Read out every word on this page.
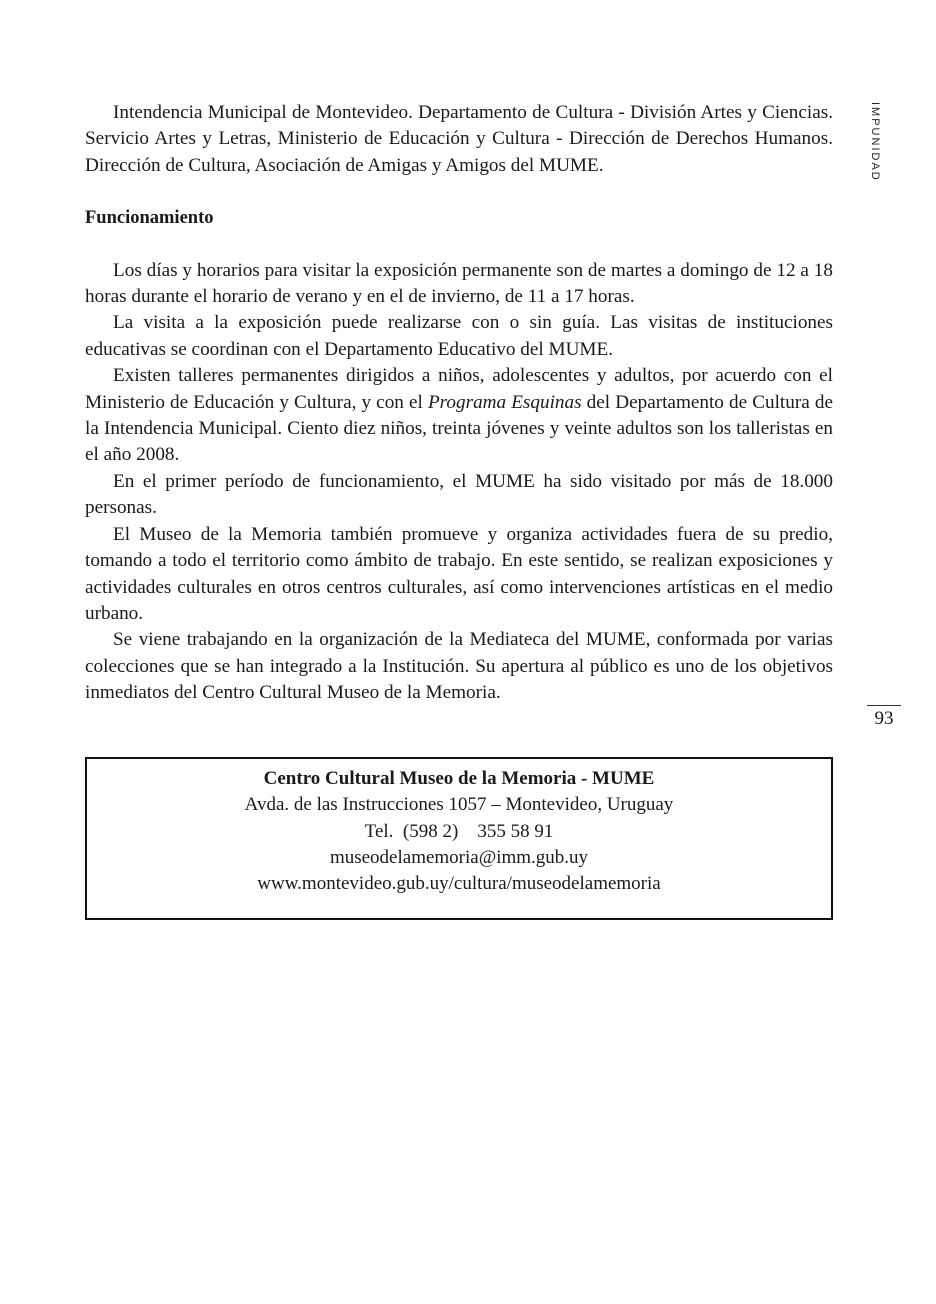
IMPUNIDAD

Intendencia Municipal de Montevideo. Departamento de Cultura - División Artes y Ciencias. Servicio Artes y Letras, Ministerio de Educación y Cultura - Dirección de Derechos Humanos. Dirección de Cultura, Asociación de Amigas y Amigos del MUME.

Funcionamiento

Los días y horarios para visitar la exposición permanente son de martes a domingo de 12 a 18 horas durante el horario de verano y en el de invierno, de 11 a 17 horas.

La visita a la exposición puede realizarse con o sin guía. Las visitas de instituciones educativas se coordinan con el Departamento Educativo del MUME.

Existen talleres permanentes dirigidos a niños, adolescentes y adultos, por acuerdo con el Ministerio de Educación y Cultura, y con el Programa Esquinas del Departamento de Cultura de la Intendencia Municipal. Ciento diez niños, treinta jóvenes y veinte adultos son los talleristas en el año 2008.

En el primer período de funcionamiento, el MUME ha sido visitado por más de 18.000 personas.

El Museo de la Memoria también promueve y organiza actividades fuera de su predio, tomando a todo el territorio como ámbito de trabajo. En este sentido, se realizan exposiciones y actividades culturales en otros centros culturales, así como intervenciones artísticas en el medio urbano.

Se viene trabajando en la organización de la Mediateca del MUME, conformada por varias colecciones que se han integrado a la Institución. Su apertura al público es uno de los objetivos inmediatos del Centro Cultural Museo de la Memoria.

93
Centro Cultural Museo de la Memoria - MUME
Avda. de las Instrucciones 1057 – Montevideo, Uruguay
Tel.  (598 2)    355 58 91
museodelamemoria@imm.gub.uy
www.montevideo.gub.uy/cultura/museodelamemoria
